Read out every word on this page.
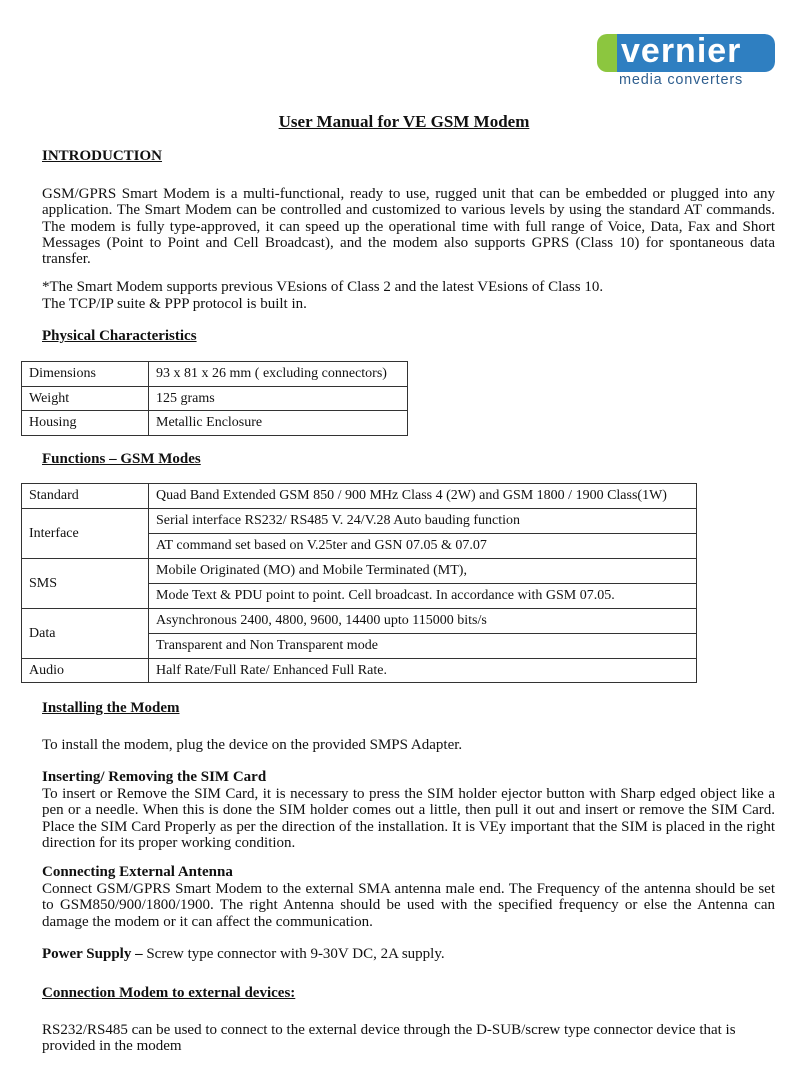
vernier
media converters
User Manual for VE GSM Modem
INTRODUCTION
GSM/GPRS Smart Modem is a multi-functional, ready to use, rugged unit that can be embedded or plugged into any application. The Smart Modem can be controlled and customized to various levels by using the standard AT commands. The modem is fully type-approved, it can speed up the operational time with full range of Voice, Data, Fax and Short Messages (Point to Point and Cell Broadcast), and the modem also supports GPRS (Class 10) for spontaneous data transfer.
*The Smart Modem supports previous VEsions of Class 2 and the latest VEsions of Class 10.
The TCP/IP suite & PPP protocol is built in.
Physical Characteristics
Dimensions	93 x 81 x 26 mm ( excluding connectors)
Weight	125 grams
Housing	Metallic Enclosure
Functions – GSM Modes
Standard	Quad Band Extended GSM 850 / 900 MHz Class 4 (2W) and GSM 1800 / 1900 Class(1W)
Interface	Serial interface RS232/ RS485 V. 24/V.28 Auto bauding function
	AT command set based on V.25ter and GSN 07.05 & 07.07
SMS	Mobile Originated (MO) and Mobile Terminated (MT),
	Mode Text & PDU point to point. Cell broadcast. In accordance with GSM 07.05.
Data	Asynchronous 2400, 4800, 9600, 14400 upto 115000 bits/s
	Transparent and Non Transparent mode
Audio	Half Rate/Full Rate/ Enhanced Full Rate.
Installing the Modem
To install the modem, plug the device on the provided SMPS Adapter.
Inserting/ Removing the SIM Card
To insert or Remove the SIM Card, it is necessary to press the SIM holder ejector button with Sharp edged object like a pen or a needle. When this is done the SIM holder comes out a little, then pull it out and insert or remove the SIM Card. Place the SIM Card Properly as per the direction of the installation. It is VEy important that the SIM is placed in the right direction for its proper working condition.
Connecting External Antenna
Connect GSM/GPRS Smart Modem to the external SMA antenna male end. The Frequency of the antenna should be set to GSM850/900/1800/1900. The right Antenna should be used with the specified frequency or else the Antenna can damage the modem or it can affect the communication.
Power Supply – Screw type connector with 9-30V DC, 2A supply.
Connection Modem to external devices:
RS232/RS485 can be used to connect to the external device through the D-SUB/screw type connector device that is provided in the modem
